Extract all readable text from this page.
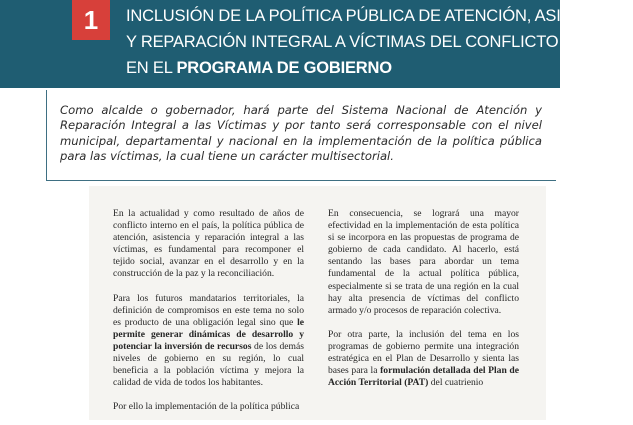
1	INCLUSIÓN DE LA POLÍTICA PÚBLICA DE ATENCIÓN, ASISTENCIA
Y REPARACIÓN INTEGRAL A VÍCTIMAS DEL CONFLICTO ARMADO
EN EL PROGRAMA DE GOBIERNO

Como alcalde o gobernador, hará parte del Sistema Nacional de Atención y Reparación Integral a las Víctimas y por tanto será corresponsable con el nivel municipal, departamental y nacional en la implementación de la política pública para las víctimas, la cual tiene un carácter multisectorial.

En la actualidad y como resultado de años de conflicto interno en el país, la política pública de atención, asistencia y reparación integral a las víctimas, es fundamental para recomponer el tejido social, avanzar en el desarrollo y en la construcción de la paz y la reconciliación.

Para los futuros mandatarios territoriales, la definición de compromisos en este tema no solo es producto de una obligación legal sino que le permite generar dinámicas de desarrollo y potenciar la inversión de recursos de los demás niveles de gobierno en su región, lo cual beneficia a la población víctima y mejora la calidad de vida de todos los habitantes.

Por ello la implementación de la política pública

En consecuencia, se logrará una mayor efectividad en la implementación de esta política si se incorpora en las propuestas de programa de gobierno de cada candidato. Al hacerlo, está sentando las bases para abordar un tema fundamental de la actual política pública, especialmente si se trata de una región en la cual hay alta presencia de víctimas del conflicto armado y/o procesos de reparación colectiva.

Por otra parte, la inclusión del tema en los programas de gobierno permite una integración estratégica en el Plan de Desarrollo y sienta las bases para la formulación detallada del Plan de Acción Territorial (PAT) del cuatrienio
